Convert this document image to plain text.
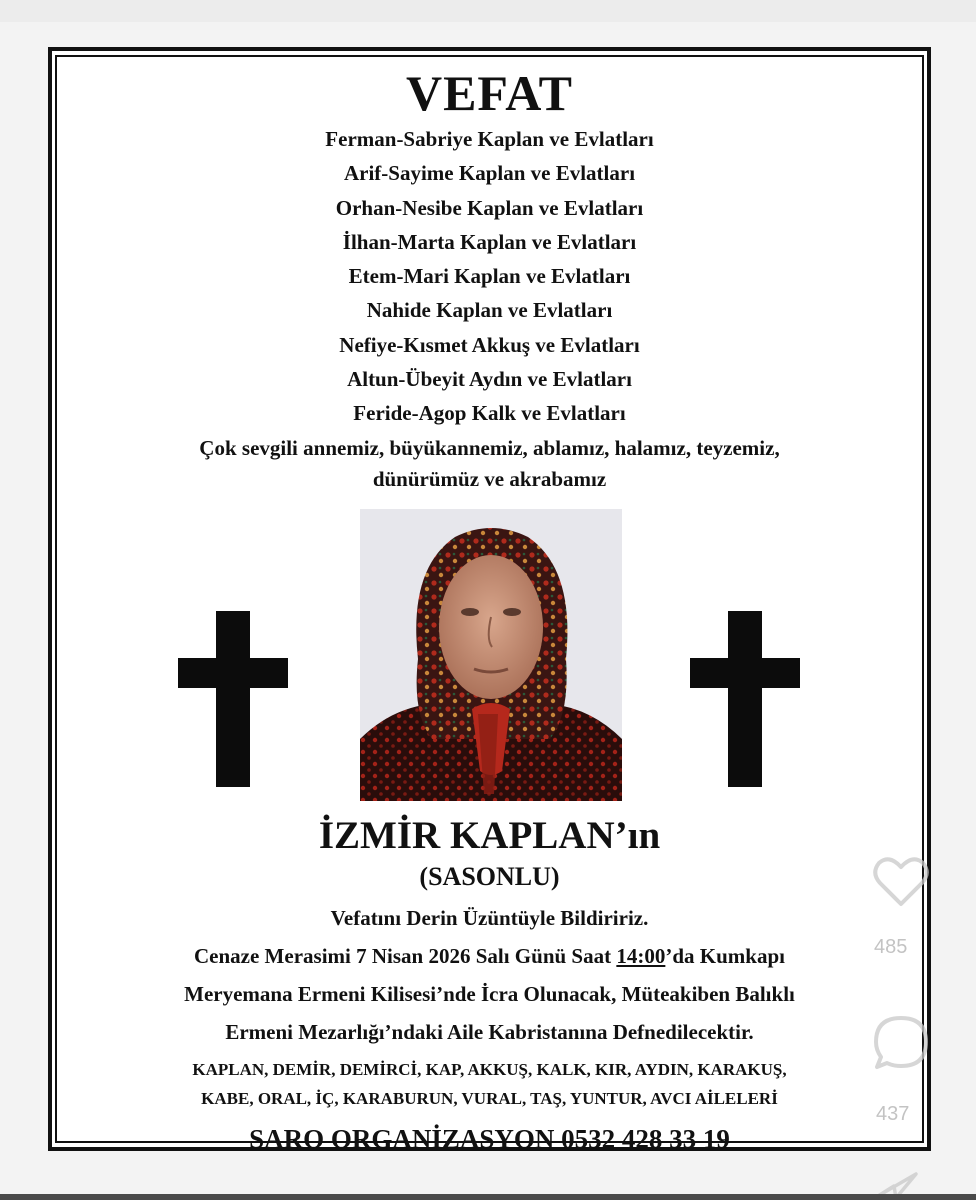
VEFAT
Ferman-Sabriye Kaplan ve Evlatları
Arif-Sayime Kaplan ve Evlatları
Orhan-Nesibe Kaplan ve Evlatları
İlhan-Marta Kaplan ve Evlatları
Etem-Mari Kaplan ve Evlatları
Nahide Kaplan ve Evlatları
Nefiye-Kısmet Akkuş ve Evlatları
Altun-Übeyit Aydın ve Evlatları
Feride-Agop Kalk ve Evlatları
Çok sevgili annemiz, büyükannemiz, ablamız, halamız, teyzemiz,
dünürümüz ve akrabamız
İZMİR KAPLAN’ın
(SASONLU)
Vefatını Derin Üzüntüyle Bildiririz.
Cenaze Merasimi 7 Nisan 2026 Salı Günü Saat 14:00’da Kumkapı
Meryemana Ermeni Kilisesi’nde İcra Olunacak, Müteakiben Balıklı
Ermeni Mezarlığı’ndaki Aile Kabristanına Defnedilecektir.
KAPLAN, DEMİR, DEMİRCİ, KAP, AKKUŞ, KALK, KIR, AYDIN, KARAKUŞ,
KABE, ORAL, İÇ, KARABURUN, VURAL, TAŞ, YUNTUR, AVCI AİLELERİ
SARO ORGANİZASYON 0532 428 33 19
485
437
